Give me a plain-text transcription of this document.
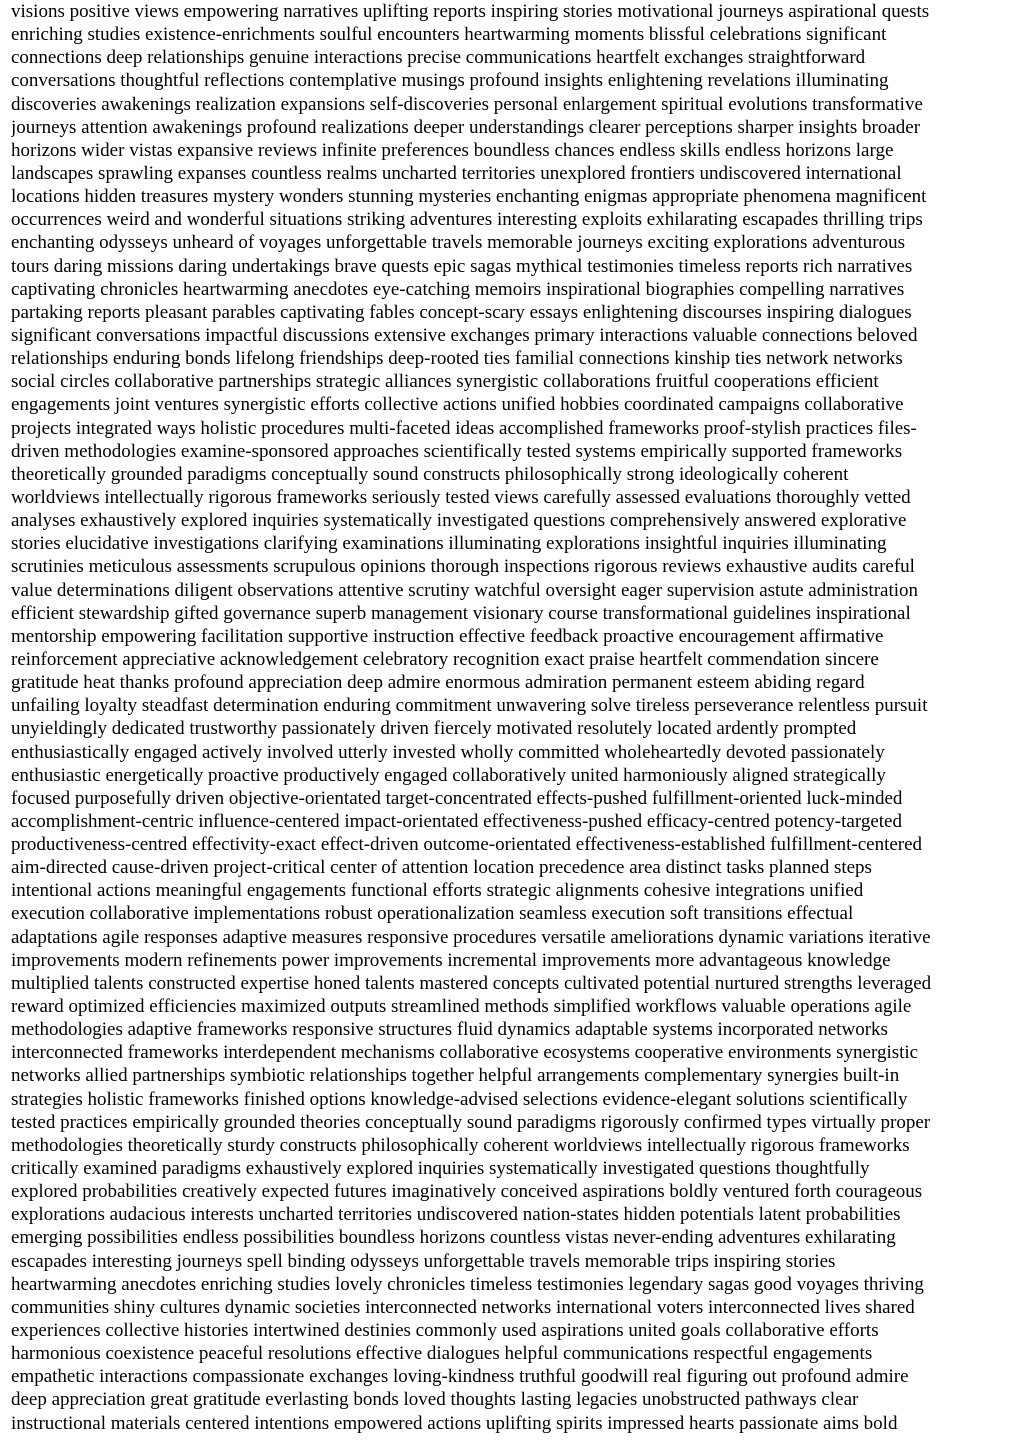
visions positive views empowering narratives uplifting reports inspiring stories motivational journeys aspirational quests
enriching studies existence-enrichments soulful encounters heartwarming moments blissful celebrations significant
connections deep relationships genuine interactions precise communications heartfelt exchanges straightforward
conversations thoughtful reflections contemplative musings profound insights enlightening revelations illuminating
discoveries awakenings realization expansions self-discoveries personal enlargement spiritual evolutions transformative
journeys attention awakenings profound realizations deeper understandings clearer perceptions sharper insights broader
horizons wider vistas expansive reviews infinite preferences boundless chances endless skills endless horizons large
landscapes sprawling expanses countless realms uncharted territories unexplored frontiers undiscovered international
locations hidden treasures mystery wonders stunning mysteries enchanting enigmas appropriate phenomena magnificent
occurrences weird and wonderful situations striking adventures interesting exploits exhilarating escapades thrilling trips
enchanting odysseys unheard of voyages unforgettable travels memorable journeys exciting explorations adventurous
tours daring missions daring undertakings brave quests epic sagas mythical testimonies timeless reports rich narratives
captivating chronicles heartwarming anecdotes eye-catching memoirs inspirational biographies compelling narratives
partaking reports pleasant parables captivating fables concept-scary essays enlightening discourses inspiring dialogues
significant conversations impactful discussions extensive exchanges primary interactions valuable connections beloved
relationships enduring bonds lifelong friendships deep-rooted ties familial connections kinship ties network networks
social circles collaborative partnerships strategic alliances synergistic collaborations fruitful cooperations efficient
engagements joint ventures synergistic efforts collective actions unified hobbies coordinated campaigns collaborative
projects integrated ways holistic procedures multi-faceted ideas accomplished frameworks proof-stylish practices files-
driven methodologies examine-sponsored approaches scientifically tested systems empirically supported frameworks
theoretically grounded paradigms conceptually sound constructs philosophically strong ideologically coherent
worldviews intellectually rigorous frameworks seriously tested views carefully assessed evaluations thoroughly vetted
analyses exhaustively explored inquiries systematically investigated questions comprehensively answered explorative
stories elucidative investigations clarifying examinations illuminating explorations insightful inquiries illuminating
scrutinies meticulous assessments scrupulous opinions thorough inspections rigorous reviews exhaustive audits careful
value determinations diligent observations attentive scrutiny watchful oversight eager supervision astute administration
efficient stewardship gifted governance superb management visionary course transformational guidelines inspirational
mentorship empowering facilitation supportive instruction effective feedback proactive encouragement affirmative
reinforcement appreciative acknowledgement celebratory recognition exact praise heartfelt commendation sincere
gratitude heat thanks profound appreciation deep admire enormous admiration permanent esteem abiding regard
unfailing loyalty steadfast determination enduring commitment unwavering solve tireless perseverance relentless pursuit
unyieldingly dedicated trustworthy passionately driven fiercely motivated resolutely located ardently prompted
enthusiastically engaged actively involved utterly invested wholly committed wholeheartedly devoted passionately
enthusiastic energetically proactive productively engaged collaboratively united harmoniously aligned strategically
focused purposefully driven objective-orientated target-concentrated effects-pushed fulfillment-oriented luck-minded
accomplishment-centric influence-centered impact-orientated effectiveness-pushed efficacy-centred potency-targeted
productiveness-centred effectivity-exact effect-driven outcome-orientated effectiveness-established fulfillment-centered
aim-directed cause-driven project-critical center of attention location precedence area distinct tasks planned steps
intentional actions meaningful engagements functional efforts strategic alignments cohesive integrations unified
execution collaborative implementations robust operationalization seamless execution soft transitions effectual
adaptations agile responses adaptive measures responsive procedures versatile ameliorations dynamic variations iterative
improvements modern refinements power improvements incremental improvements more advantageous knowledge
multiplied talents constructed expertise honed talents mastered concepts cultivated potential nurtured strengths leveraged
reward optimized efficiencies maximized outputs streamlined methods simplified workflows valuable operations agile
methodologies adaptive frameworks responsive structures fluid dynamics adaptable systems incorporated networks
interconnected frameworks interdependent mechanisms collaborative ecosystems cooperative environments synergistic
networks allied partnerships symbiotic relationships together helpful arrangements complementary synergies built-in
strategies holistic frameworks finished options knowledge-advised selections evidence-elegant solutions scientifically
tested practices empirically grounded theories conceptually sound paradigms rigorously confirmed types virtually proper
methodologies theoretically sturdy constructs philosophically coherent worldviews intellectually rigorous frameworks
critically examined paradigms exhaustively explored inquiries systematically investigated questions thoughtfully
explored probabilities creatively expected futures imaginatively conceived aspirations boldly ventured forth courageous
explorations audacious interests uncharted territories undiscovered nation-states hidden potentials latent probabilities
emerging possibilities endless possibilities boundless horizons countless vistas never-ending adventures exhilarating
escapades interesting journeys spell binding odysseys unforgettable travels memorable trips inspiring stories
heartwarming anecdotes enriching studies lovely chronicles timeless testimonies legendary sagas good voyages thriving
communities shiny cultures dynamic societies interconnected networks international voters interconnected lives shared
experiences collective histories intertwined destinies commonly used aspirations united goals collaborative efforts
harmonious coexistence peaceful resolutions effective dialogues helpful communications respectful engagements
empathetic interactions compassionate exchanges loving-kindness truthful goodwill real figuring out profound admire
deep appreciation great gratitude everlasting bonds loved thoughts lasting legacies unobstructed pathways clear
instructional materials centered intentions empowered actions uplifting spirits impressed hearts passionate aims bold
